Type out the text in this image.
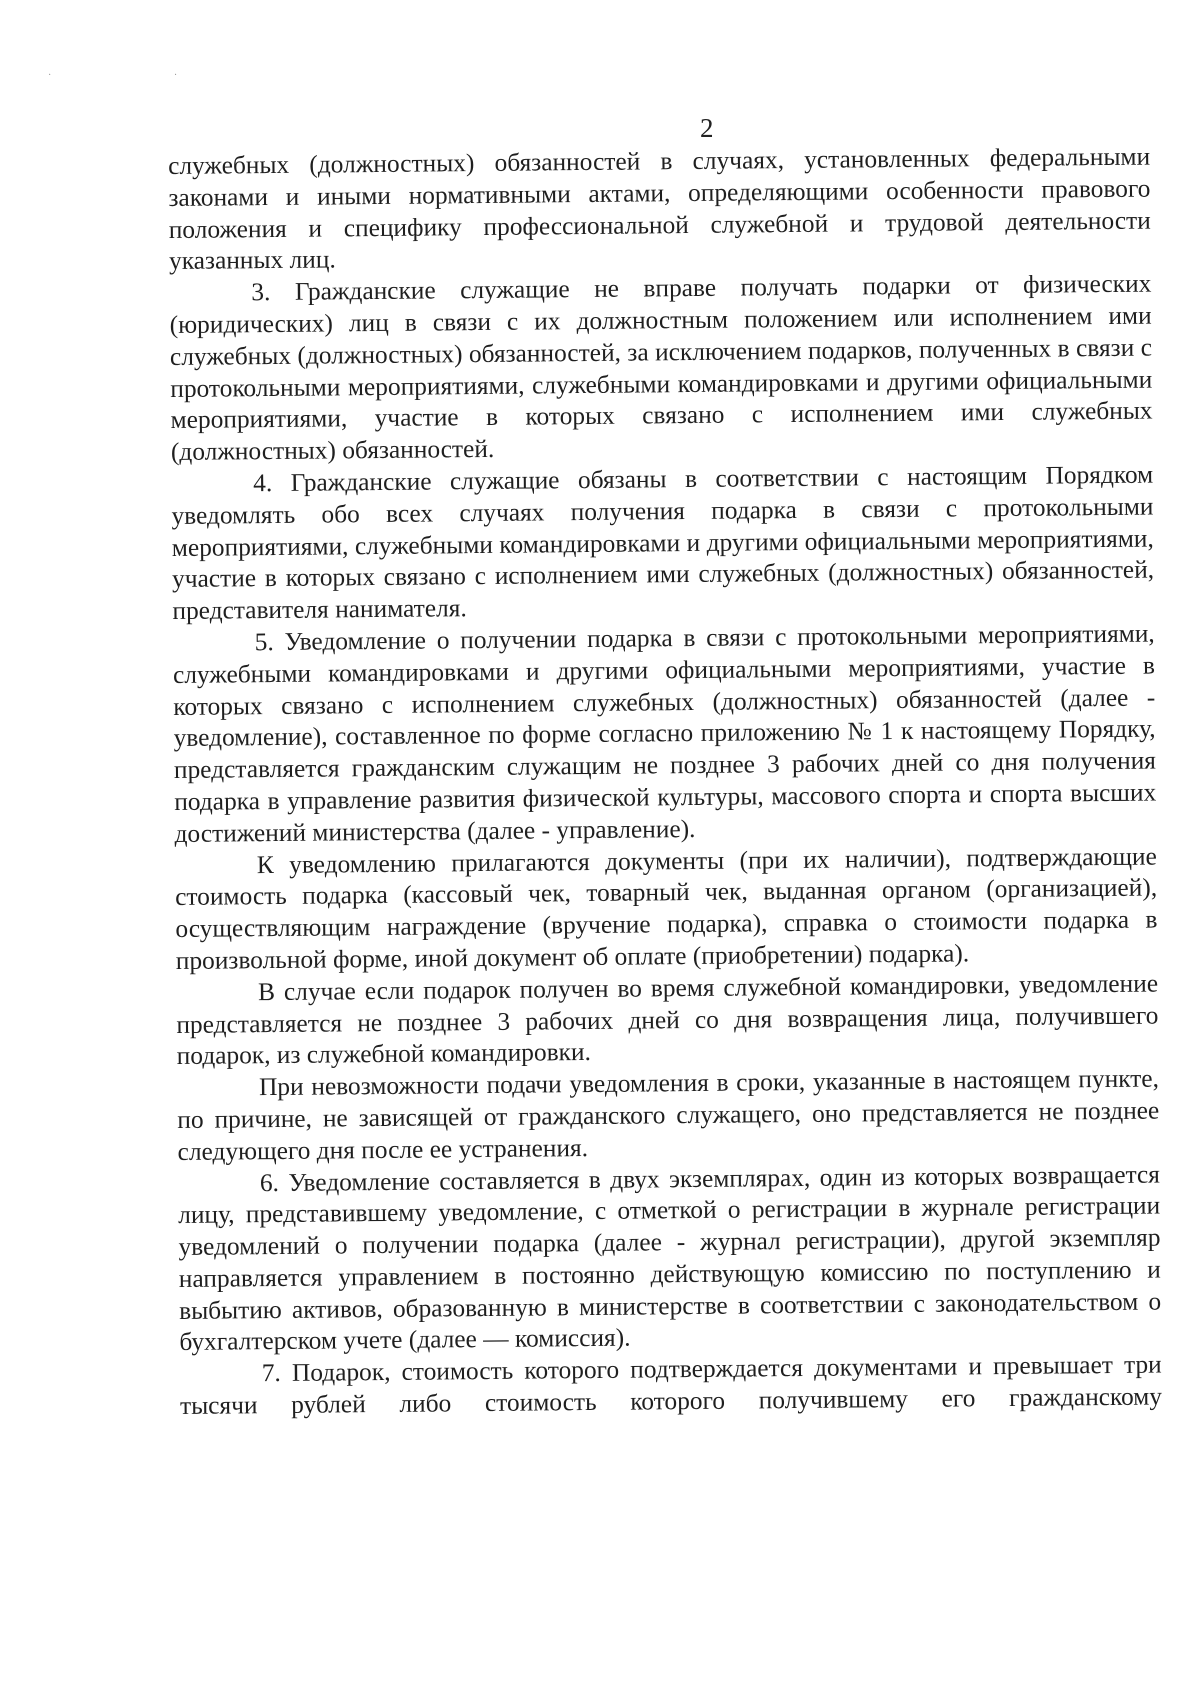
· ·
2

служебных (должностных) обязанностей в случаях, установленных федеральными законами и иными нормативными актами, определяющими особенности правового положения и специфику профессиональной служебной и трудовой деятельности указанных лиц.

3. Гражданские служащие не вправе получать подарки от физических (юридических) лиц в связи с их должностным положением или исполнением ими служебных (должностных) обязанностей, за исключением подарков, полученных в связи с протокольными мероприятиями, служебными командировками и другими официальными мероприятиями, участие в которых связано с исполнением ими служебных (должностных) обязанностей.

4. Гражданские служащие обязаны в соответствии с настоящим Порядком уведомлять обо всех случаях получения подарка в связи с протокольными мероприятиями, служебными командировками и другими официальными мероприятиями, участие в которых связано с исполнением ими служебных (должностных) обязанностей, представителя нанимателя.

5. Уведомление о получении подарка в связи с протокольными мероприятиями, служебными командировками и другими официальными мероприятиями, участие в которых связано с исполнением служебных (должностных) обязанностей (далее - уведомление), составленное по форме согласно приложению № 1 к настоящему Порядку, представляется гражданским служащим не позднее 3 рабочих дней со дня получения подарка в управление развития физической культуры, массового спорта и спорта высших достижений министерства (далее - управление).

К уведомлению прилагаются документы (при их наличии), подтверждающие стоимость подарка (кассовый чек, товарный чек, выданная органом (организацией), осуществляющим награждение (вручение подарка), справка о стоимости подарка в произвольной форме, иной документ об оплате (приобретении) подарка).

В случае если подарок получен во время служебной командировки, уведомление представляется не позднее 3 рабочих дней со дня возвращения лица, получившего подарок, из служебной командировки.

При невозможности подачи уведомления в сроки, указанные в настоящем пункте, по причине, не зависящей от гражданского служащего, оно представляется не позднее следующего дня после ее устранения.

6. Уведомление составляется в двух экземплярах, один из которых возвращается лицу, представившему уведомление, с отметкой о регистрации в журнале регистрации уведомлений о получении подарка (далее - журнал регистрации), другой экземпляр направляется управлением в постоянно действующую комиссию по поступлению и выбытию активов, образованную в министерстве в соответствии с законодательством о бухгалтерском учете (далее — комиссия).

7. Подарок, стоимость которого подтверждается документами и превышает три тысячи рублей либо стоимость которого получившему его гражданскому
